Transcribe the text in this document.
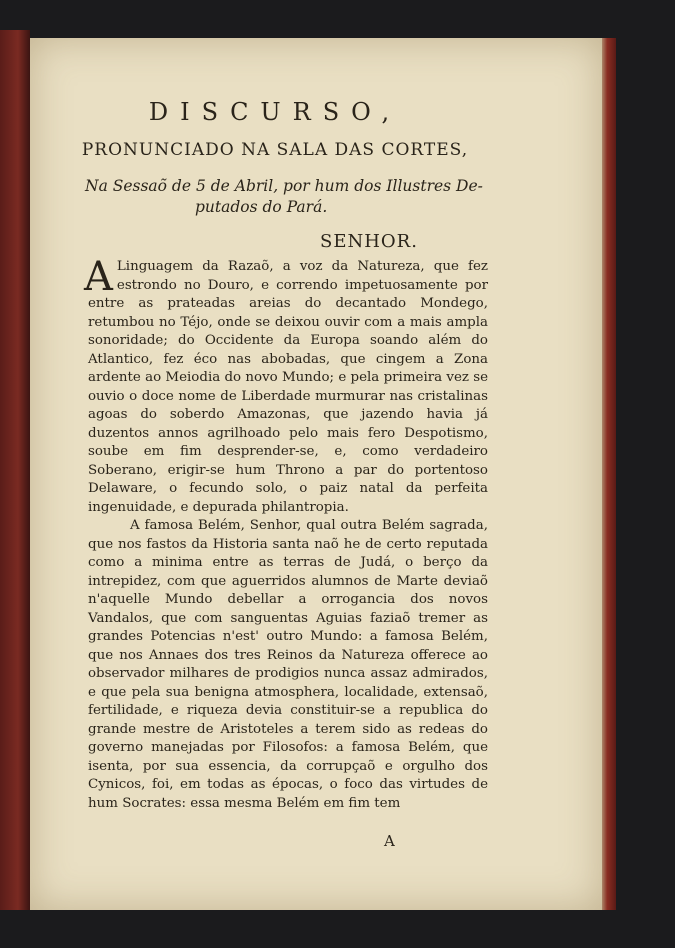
DISCURSO,
PRONUNCIADO NA SALA DAS CORTES,
Na Sessaõ de 5 de Abril, por hum dos Illustres De-
putados do Pará.
SENHOR.

ALinguagem da Razaõ, a voz da Natureza, que fez estrondo no Douro, e correndo impetuosamente por entre as prateadas areias do decantado Mondego, retumbou no Téjo, onde se deixou ouvir com a mais ampla sonoridade; do Occidente da Europa soando além do Atlantico, fez éco nas abobadas, que cingem a Zona ardente ao Meiodia do novo Mundo; e pela primeira vez se ouvio o doce nome de Liberdade murmurar nas cristalinas agoas do soberdo Amazonas, que jazendo havia já duzentos annos agrilhoado pelo mais fero Despotismo, soube em fim desprender-se, e, como verdadeiro Soberano, erigir-se hum Throno a par do portentoso Delaware, o fecundo solo, o paiz natal da perfeita ingenuidade, e depurada philantropia.

A famosa Belém, Senhor, qual outra Belém sagrada, que nos fastos da Historia santa naõ he de certo reputada como a minima entre as terras de Judá, o berço da intrepidez, com que aguerridos alumnos de Marte deviaõ n'aquelle Mundo debellar a orrogancia dos novos Vandalos, que com sanguentas Aguias faziaõ tremer as grandes Potencias n'est' outro Mundo: a famosa Belém, que nos Annaes dos tres Reinos da Natureza offerece ao observador milhares de prodigios nunca assaz admirados, e que pela sua benigna atmosphera, localidade, extensaõ, fertilidade, e riqueza devia constituir-se a republica do grande mestre de Aristoteles a terem sido as redeas do governo manejadas por Filosofos: a famosa Belém, que isenta, por sua essencia, da corrupçaõ e orgulho dos Cynicos, foi, em todas as épocas, o foco das virtudes de hum Socrates: essa mesma Belém em fim tem

A
